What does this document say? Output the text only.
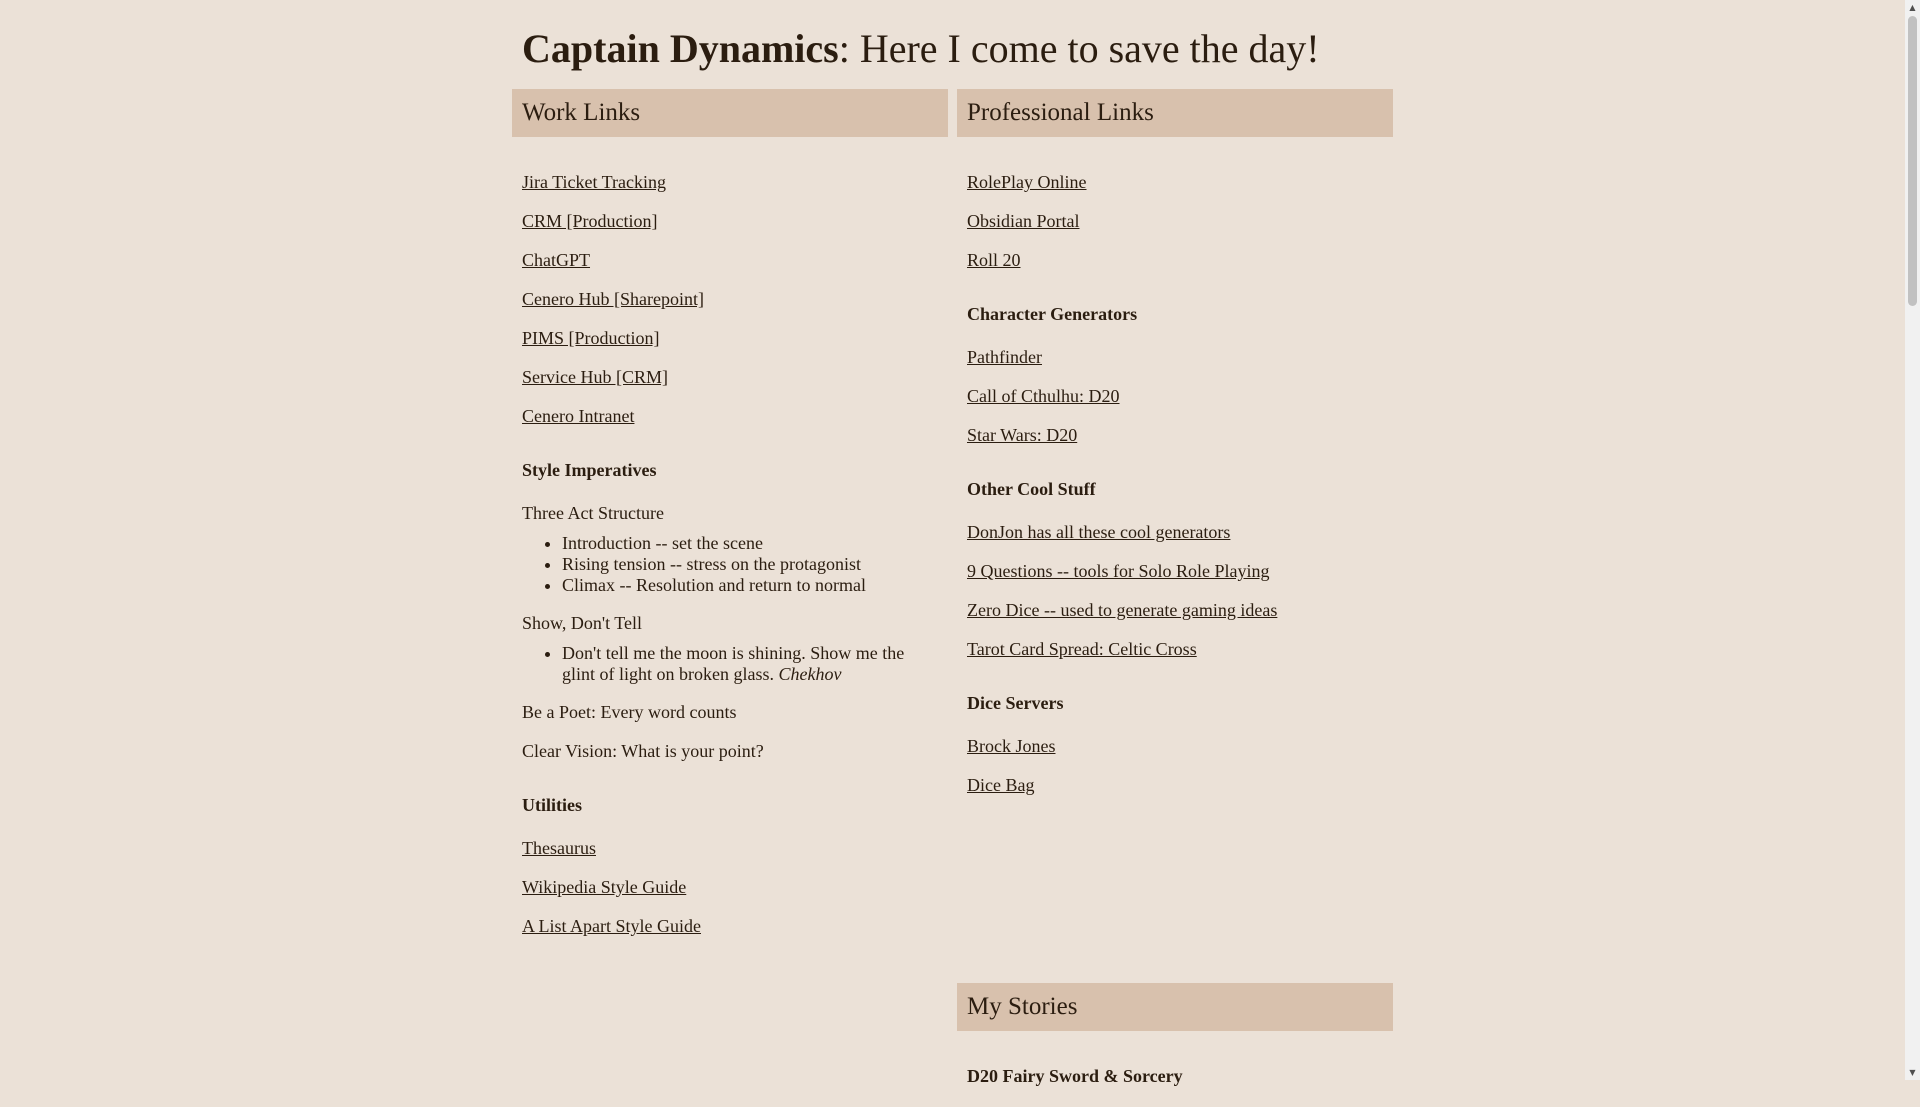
Captain Dynamics: Here I come to save the day!
Work Links
Jira Ticket Tracking
CRM [Production]
ChatGPT
Cenero Hub [Sharepoint]
PIMS [Production]
Service Hub [CRM]
Cenero Intranet
Style Imperatives
Three Act Structure
• Introduction -- set the scene
• Rising tension -- stress on the protagonist
• Climax -- Resolution and return to normal
Show, Don't Tell
• Don't tell me the moon is shining. Show me the glint of light on broken glass. Chekhov
Be a Poet: Every word counts
Clear Vision: What is your point?
Utilities
Thesaurus
Wikipedia Style Guide
A List Apart Style Guide
Professional Links
RolePlay Online
Obsidian Portal
Roll 20
Character Generators
Pathfinder
Call of Cthulhu: D20
Star Wars: D20
Other Cool Stuff
DonJon has all these cool generators
9 Questions -- tools for Solo Role Playing
Zero Dice -- used to generate gaming ideas
Tarot Card Spread: Celtic Cross
Dice Servers
Brock Jones
Dice Bag
My Stories
D20 Fairy Sword & Sorcery
▲
▼
